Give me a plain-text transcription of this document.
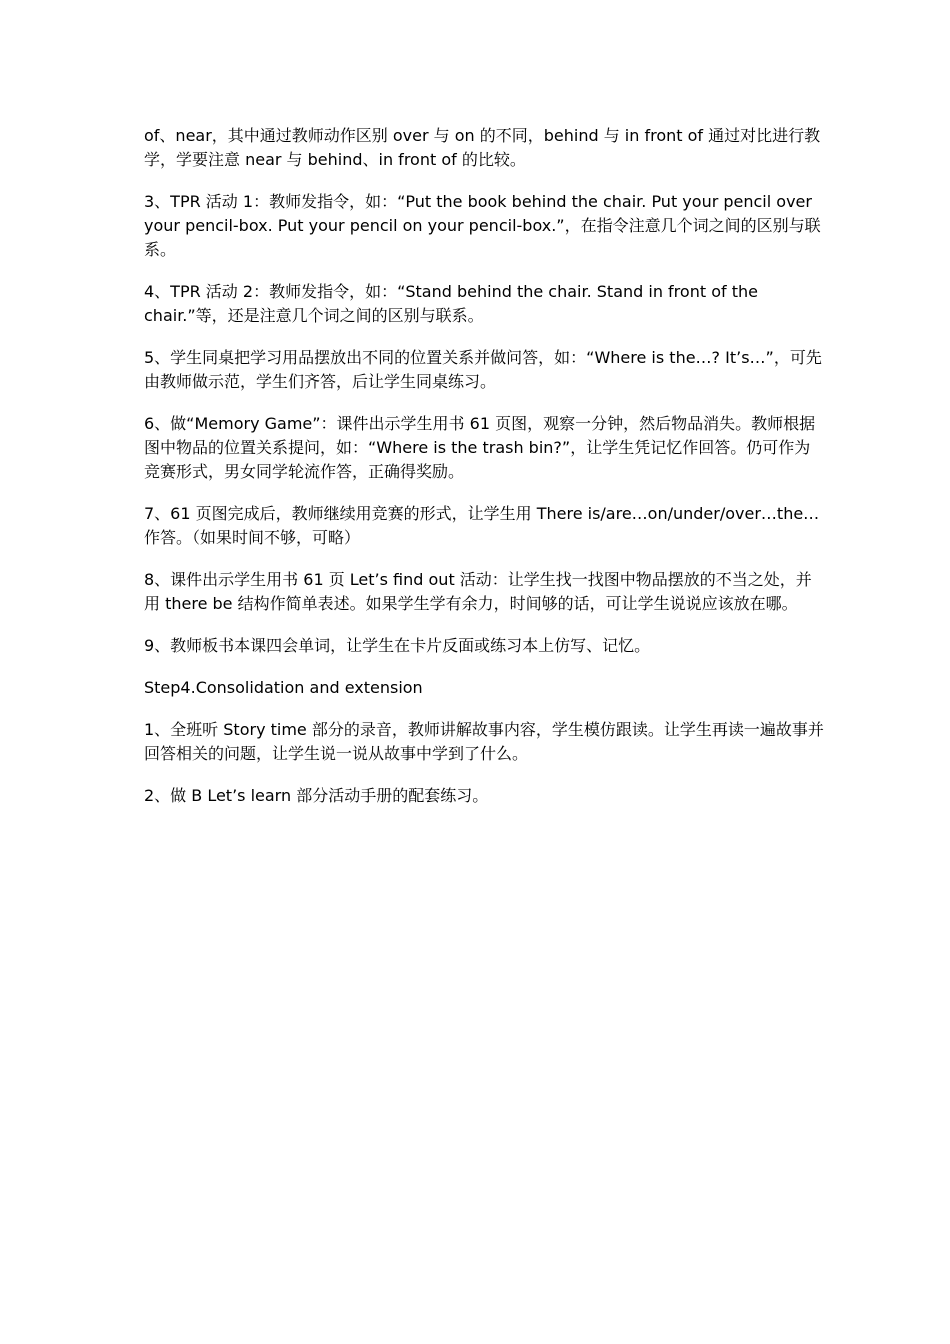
of、near，其中通过教师动作区别 over 与 on 的不同，behind 与 in front of 通过对比进行教学，学要注意 near 与 behind、in front of 的比较。

3、TPR 活动 1：教师发指令，如：“Put the book behind the chair. Put your pencil over your pencil-box. Put your pencil on your pencil-box.”，在指令注意几个词之间的区别与联系。

4、TPR 活动 2：教师发指令，如：“Stand behind the chair. Stand in front of the chair.”等，还是注意几个词之间的区别与联系。

5、学生同桌把学习用品摆放出不同的位置关系并做问答，如：“Where is the…? It’s…”，可先由教师做示范，学生们齐答，后让学生同桌练习。

6、做“Memory Game”：课件出示学生用书 61 页图，观察一分钟，然后物品消失。教师根据图中物品的位置关系提问，如：“Where is the trash bin?”，让学生凭记忆作回答。仍可作为竞赛形式，男女同学轮流作答，正确得奖励。

7、61 页图完成后，教师继续用竞赛的形式，让学生用 There is/are…on/under/over…the…作答。（如果时间不够，可略）

8、课件出示学生用书 61 页 Let’s find out 活动：让学生找一找图中物品摆放的不当之处，并用 there be 结构作简单表述。如果学生学有余力，时间够的话，可让学生说说应该放在哪。

9、教师板书本课四会单词，让学生在卡片反面或练习本上仿写、记忆。

Step4.Consolidation and extension

1、全班听 Story time 部分的录音，教师讲解故事内容，学生模仿跟读。让学生再读一遍故事并回答相关的问题，让学生说一说从故事中学到了什么。

2、做 B Let’s learn 部分活动手册的配套练习。
